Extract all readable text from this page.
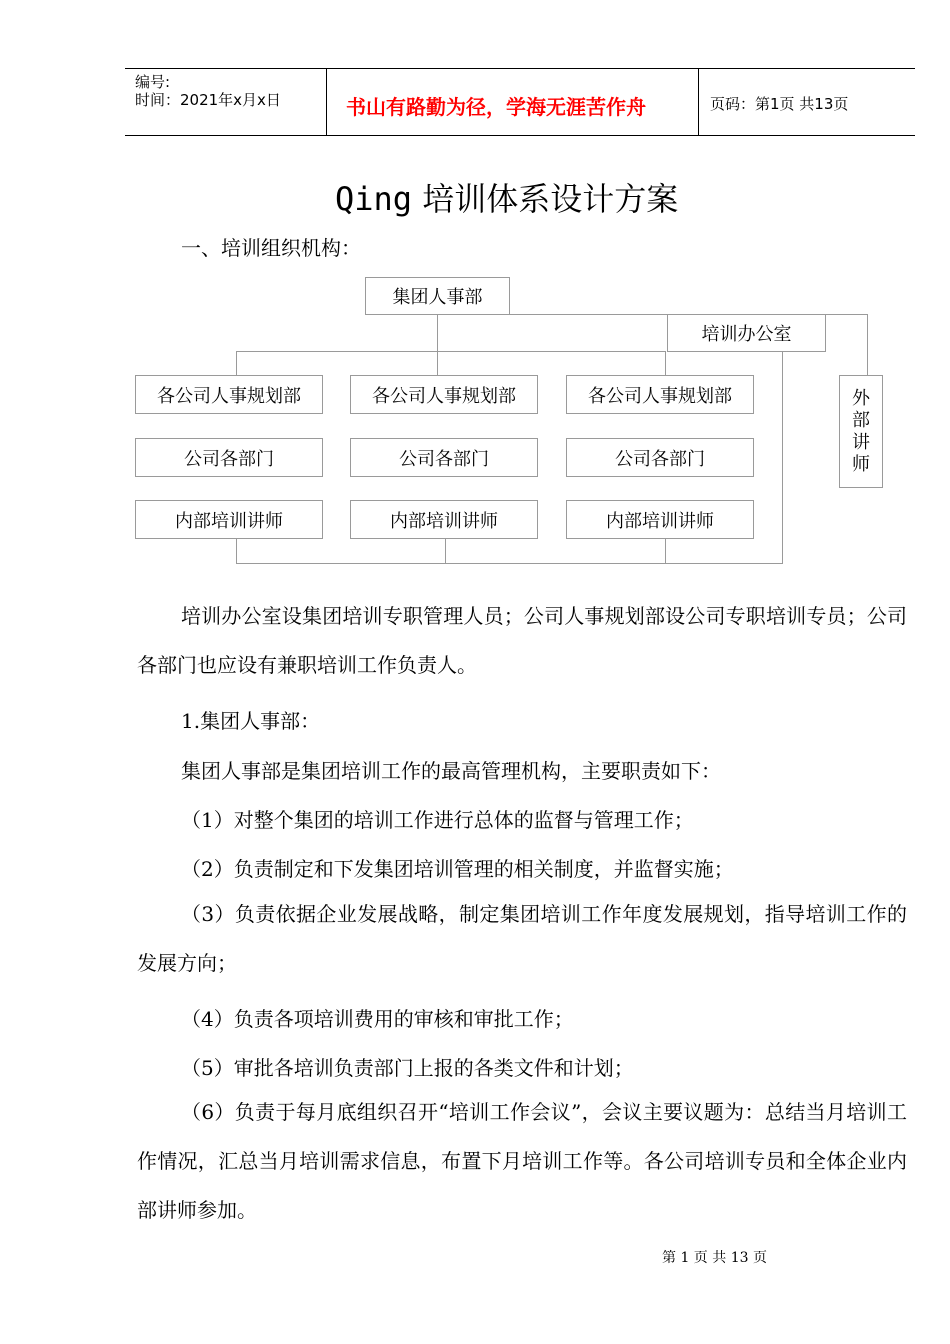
编号:
时间：2021年x月x日	书山有路勤为径，学海无涯苦作舟	页码：第1页 共13页
Qing 培训体系设计方案
一、培训组织机构：
集团人事部
培训办公室
外
部
讲
师
各公司人事规划部
公司各部门
内部培训讲师
各公司人事规划部
公司各部门
内部培训讲师
各公司人事规划部
公司各部门
内部培训讲师
培训办公室设集团培训专职管理人员；公司人事规划部设公司专职培训专员；公司各部门也应设有兼职培训工作负责人。
1.集团人事部：
集团人事部是集团培训工作的最高管理机构，主要职责如下：
（1）对整个集团的培训工作进行总体的监督与管理工作；
（2）负责制定和下发集团培训管理的相关制度，并监督实施；
（3）负责依据企业发展战略，制定集团培训工作年度发展规划，指导培训工作的发展方向；
（4）负责各项培训费用的审核和审批工作；
（5）审批各培训负责部门上报的各类文件和计划；
（6）负责于每月底组织召开“培训工作会议”，会议主要议题为：总结当月培训工作情况，汇总当月培训需求信息，布置下月培训工作等。各公司培训专员和全体企业内部讲师参加。
第 1 页 共 13 页
